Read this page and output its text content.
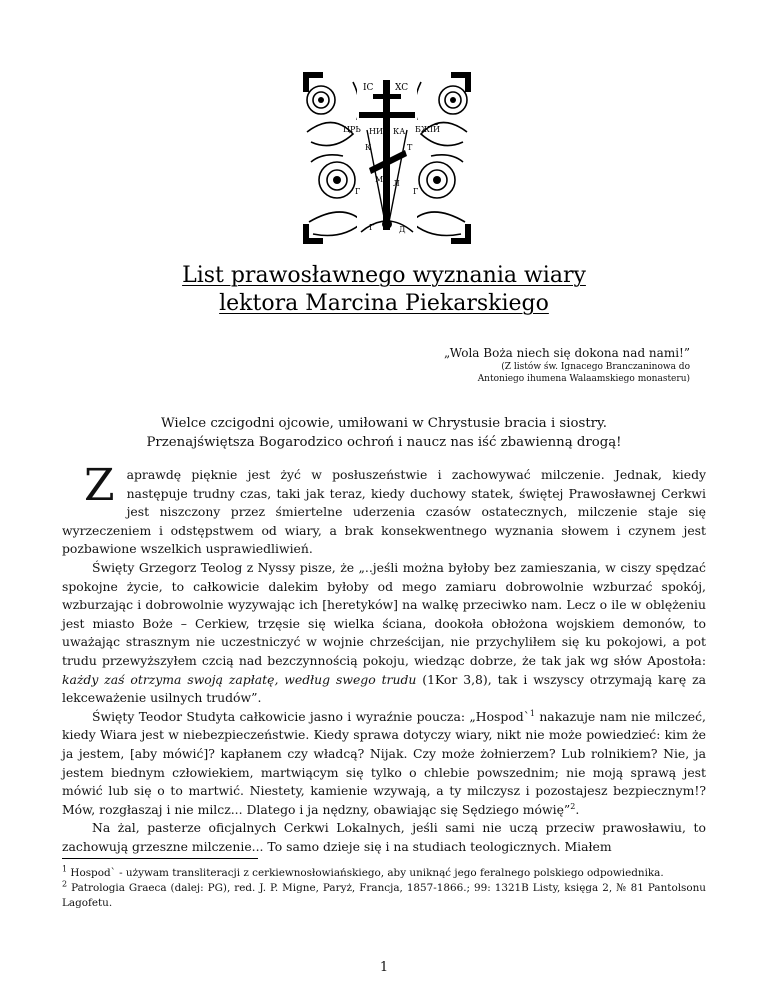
IC XC
ЦРЬ НИ КА БЖIЙ
К	Т
М Л
Г	Г
Г	Д
List prawosławnego wyznania wiary
lektora Marcina Piekarskiego
„Wola Boża niech się dokona nad nami!”
(Z listów św. Ignacego Branczaninowa do
Antoniego ihumena Walaamskiego monasteru)
Wielce czcigodni ojcowie, umiłowani w Chrystusie bracia i siostry.
Przenajświętsza Bogarodzico ochroń i naucz nas iść zbawienną drogą!

Zaprawdę pięknie jest żyć w posłuszeństwie i zachowywać milczenie. Jednak, kiedy następuje trudny czas, taki jak teraz, kiedy duchowy statek, świętej Prawosławnej Cerkwi jest niszczony przez śmiertelne uderzenia czasów ostatecznych, milczenie staje się wyrzeczeniem i odstępstwem od wiary, a brak konsekwentnego wyznania słowem i czynem jest pozbawione wszelkich usprawiedliwień.

Święty Grzegorz Teolog z Nyssy pisze, że „..jeśli można byłoby bez zamieszania, w ciszy spędzać spokojne życie, to całkowicie dalekim byłoby od mego zamiaru dobrowolnie wzburzać spokój, wzburzając i dobrowolnie wyzywając ich [heretyków] na walkę przeciwko nam. Lecz o ile w oblężeniu jest miasto Boże – Cerkiew, trzęsie się wielka ściana, dookoła obłożona wojskiem demonów, to uważając strasznym nie uczestniczyć w wojnie chrześcijan, nie przychyliłem się ku pokojowi, a pot trudu przewyższyłem czcią nad bezczynnością pokoju, wiedząc dobrze, że tak jak wg słów Apostoła: każdy zaś otrzyma swoją zapłatę, według swego trudu (1Kor 3,8), tak i wszyscy otrzymają karę za lekceważenie usilnych trudów”.

Święty Teodor Studyta całkowicie jasno i wyraźnie poucza: „Hospod`$^1$ nakazuje nam nie milczeć, kiedy Wiara jest w niebezpieczeństwie. Kiedy sprawa dotyczy wiary, nikt nie może powiedzieć: kim że ja jestem, [aby mówić]? kapłanem czy władcą? Nijak. Czy może żołnierzem? Lub rolnikiem? Nie, ja jestem biednym człowiekiem, martwiącym się tylko o chlebie powszednim; nie moją sprawą jest mówić lub się o to martwić. Niestety, kamienie wzywają, a ty milczysz i pozostajesz bezpiecznym!? Mów, rozgłaszaj i nie milcz... Dlatego i ja nędzny, obawiając się Sędziego mówię”$^2$.

Na żal, pasterze oficjalnych Cerkwi Lokalnych, jeśli sami nie uczą przeciw prawosławiu, to zachowują grzeszne milczenie... To samo dzieje się i na studiach teologicznych. Miałem

$^1$ Hospod` - używam transliteracji z cerkiewnosłowiańskiego, aby uniknąć jego feralnego polskiego odpowiednika.

$^2$ Patrologia Graeca (dalej: PG), red. J. P. Migne, Paryż, Francja, 1857-1866.; 99: 1321B Listy, księga 2, № 81 Pantolsonu Lagofetu.

1
